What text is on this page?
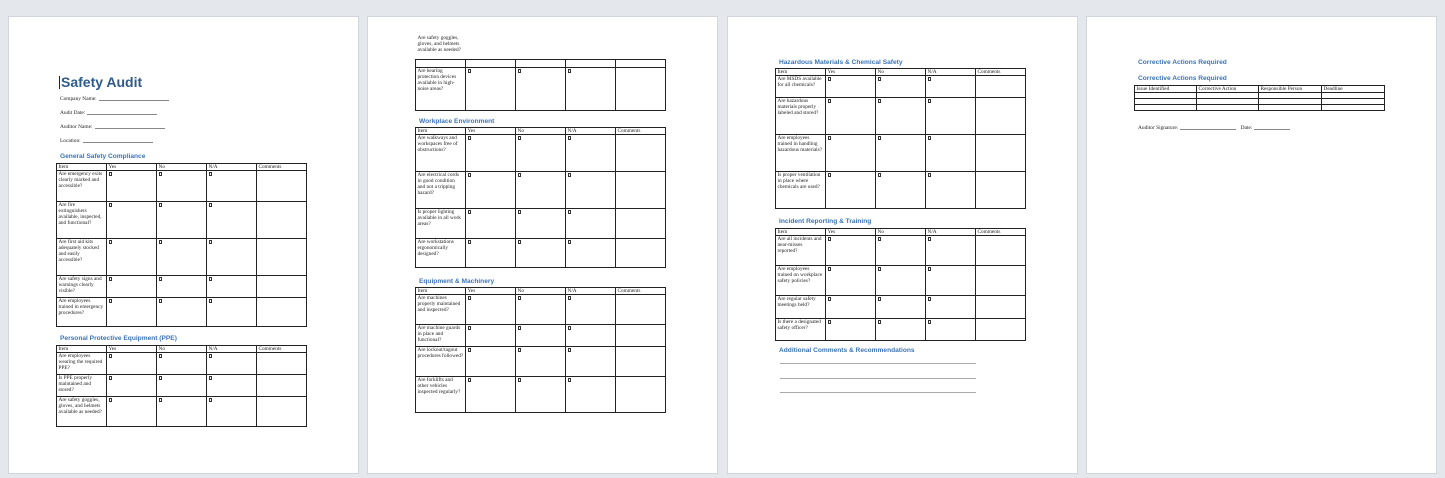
Safety Audit
Company Name:
Audit Date:
Auditor Name:
Location:
General Safety Compliance
Item	Yes	No	N/A	Comments
Are emergency exits clearly marked and accessible?				
Are fire extinguishers available, inspected, and functional?				
Are first aid kits adequately stocked and easily accessible?				
Are safety signs and warnings clearly visible?				
Are employees trained in emergency procedures?				
Personal Protective Equipment (PPE)
Item	Yes	No	N/A	Comments
Are employees wearing the required PPE?				
Is PPE properly maintained and stored?				
Are safety goggles, gloves, and helmets available as needed?				
Are safety goggles, gloves, and helmets available as needed?				

Are hearing protection devices available in high-noise areas?				
Workplace Environment
Item	Yes	No	N/A	Comments
Are walkways and workspaces free of obstructions?				
Are electrical cords in good condition and not a tripping hazard?				
Is proper lighting available in all work areas?				
Are workstations ergonomically designed?				
Equipment & Machinery
Item	Yes	No	N/A	Comments
Are machines properly maintained and inspected?				
Are machine guards in place and functional?				
Are lockout/tagout procedures followed?				
Are forklifts and other vehicles inspected regularly?				
Hazardous Materials & Chemical Safety
Item	Yes	No	N/A	Comments
Are MSDS available for all chemicals?				
Are hazardous materials properly labeled and stored?				
Are employees trained in handling hazardous materials?				
Is proper ventilation in place where chemicals are used?				
Incident Reporting & Training
Item	Yes	No	N/A	Comments
Are all incidents and near-misses reported?				
Are employees trained on workplace safety policies?				
Are regular safety meetings held?				
Is there a designated safety officer?				
Additional Comments & Recommendations
Corrective Actions Required
Corrective Actions Required
Issue Identified	Corrective Action	Responsible Person	Deadline

Auditor Signature:	Date:
